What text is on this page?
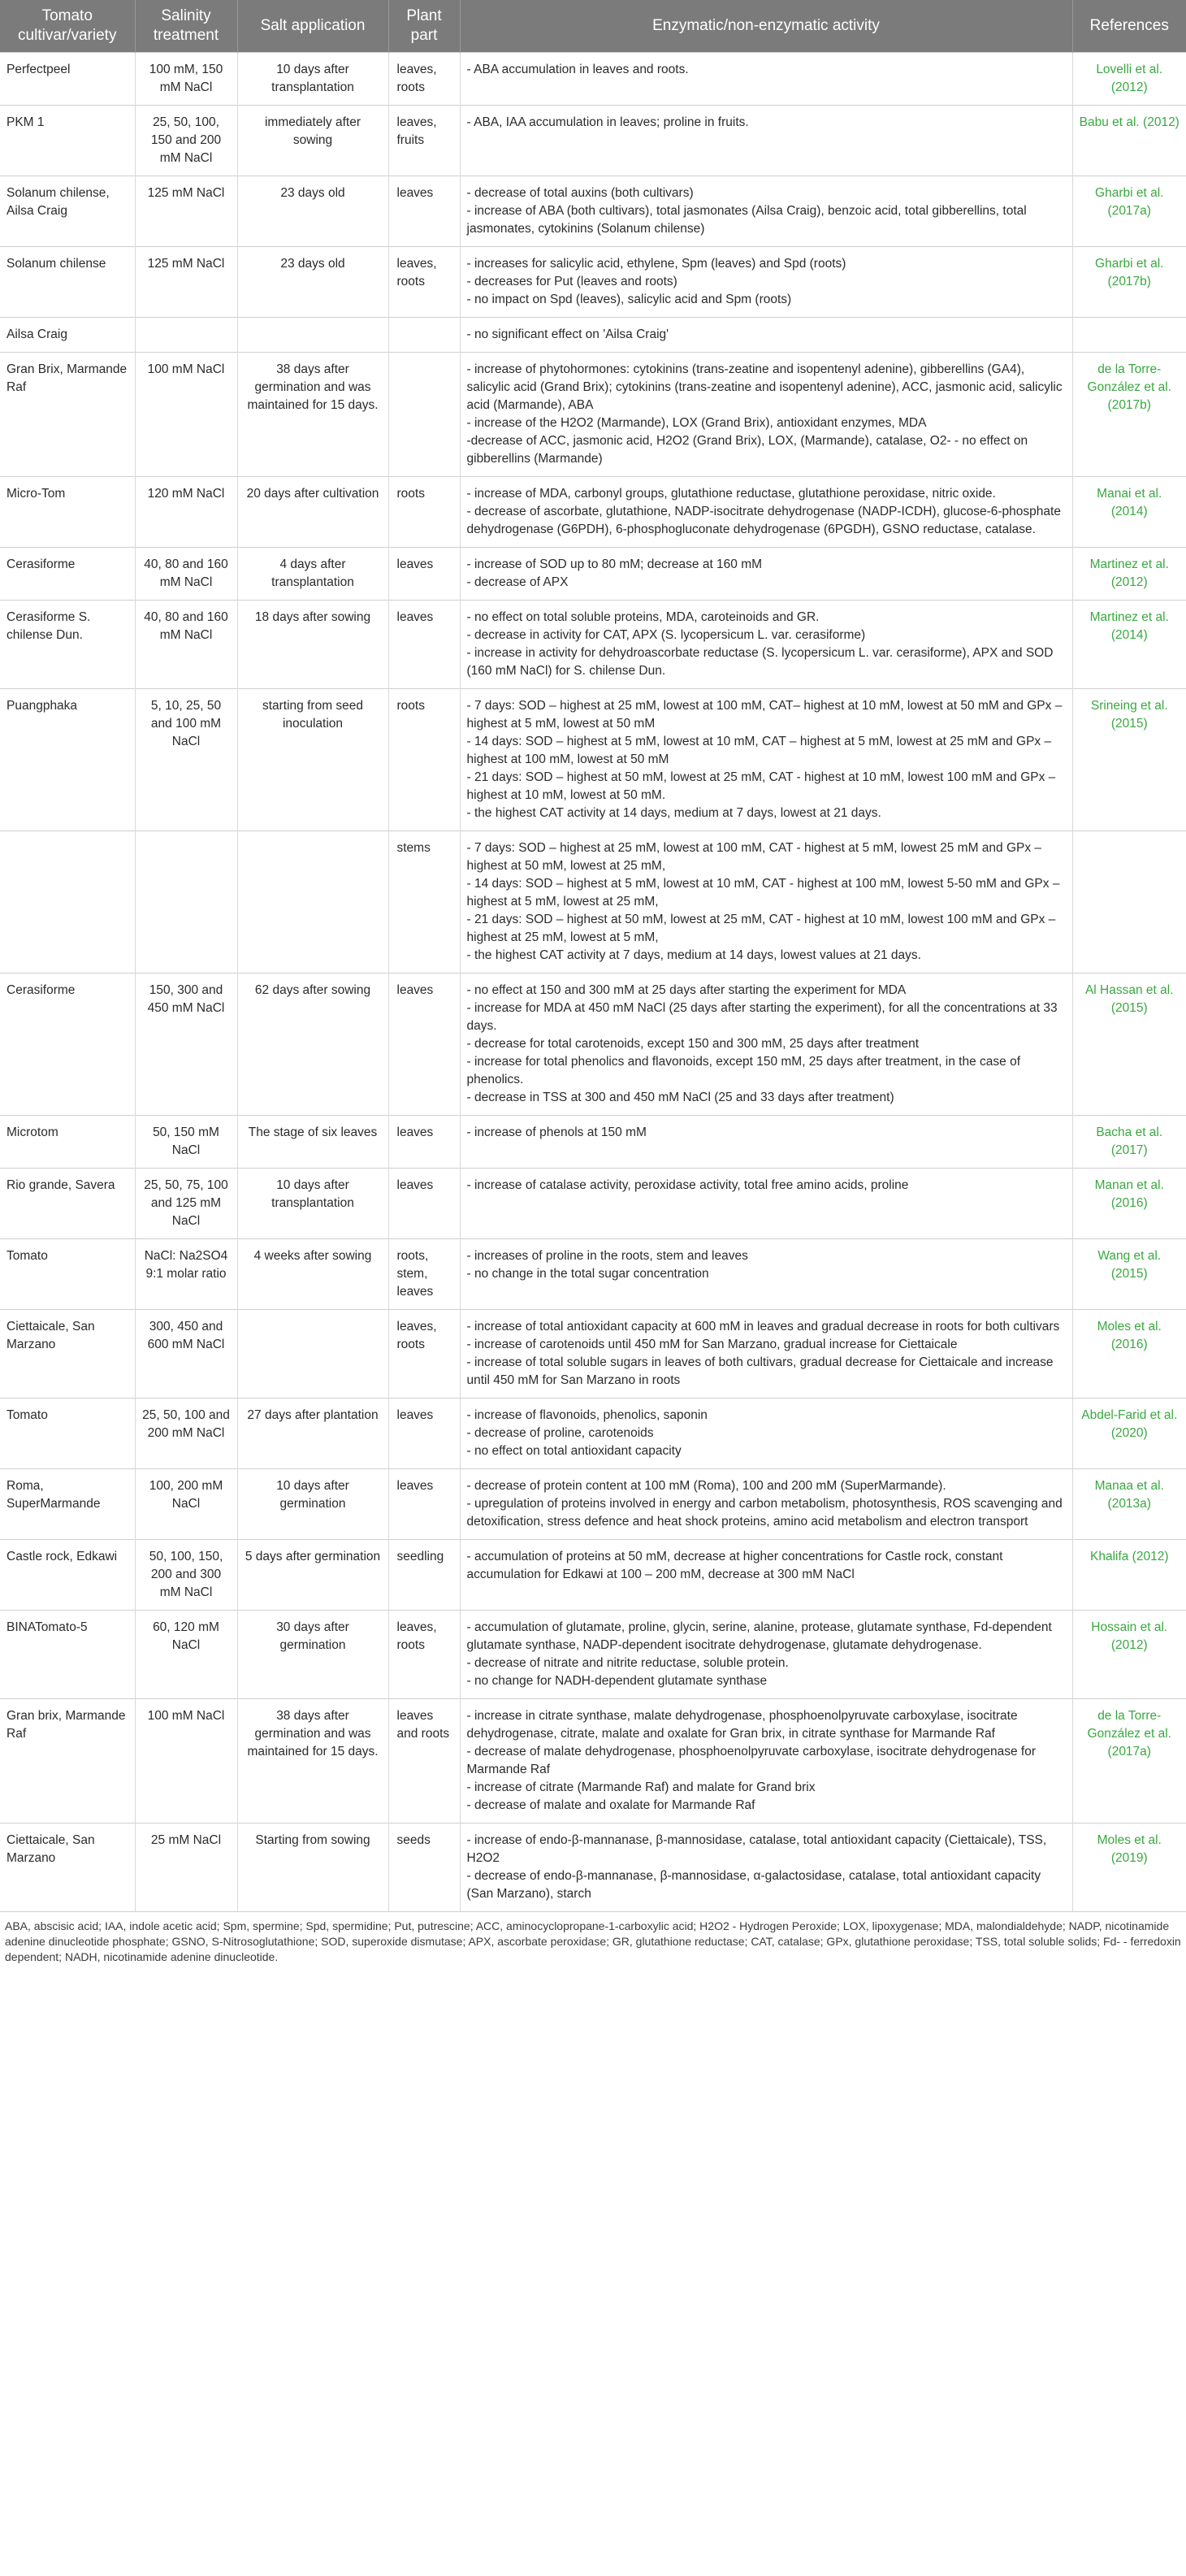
Tomato cultivar/variety	Salinity treatment	Salt application	Plant part	Enzymatic/non-enzymatic activity	References
Perfectpeel	100 mM, 150 mM NaCl	10 days after transplantation	leaves, roots	- ABA accumulation in leaves and roots.	Lovelli et al. (2012)
PKM 1	25, 50, 100, 150 and 200 mM NaCl	immediately after sowing	leaves, fruits	- ABA, IAA accumulation in leaves; proline in fruits.	Babu et al. (2012)
Solanum chilense, Ailsa Craig	125 mM NaCl	23 days old	leaves	- decrease of total auxins (both cultivars)
- increase of ABA (both cultivars), total jasmonates (Ailsa Craig), benzoic acid, total gibberellins, total jasmonates, cytokinins (Solanum chilense)	Gharbi et al. (2017a)
Solanum chilense	125 mM NaCl	23 days old	leaves, roots	- increases for salicylic acid, ethylene, Spm (leaves) and Spd (roots)
- decreases for Put (leaves and roots)
- no impact on Spd (leaves), salicylic acid and Spm (roots)	Gharbi et al. (2017b)
Ailsa Craig				- no significant effect on 'Ailsa Craig'	

Gran Brix, Marmande Raf	100 mM NaCl	38 days after germination and was maintained for 15 days.		- increase of phytohormones: cytokinins (trans-zeatine and isopentenyl adenine), gibberellins (GA4), salicylic acid (Grand Brix); cytokinins (trans-zeatine and isopentenyl adenine), ACC, jasmonic acid, salicylic acid (Marmande), ABA
- increase of the H2O2 (Marmande), LOX (Grand Brix), antioxidant enzymes, MDA
-decrease of ACC, jasmonic acid, H2O2 (Grand Brix), LOX, (Marmande), catalase, O2- - no effect on gibberellins (Marmande)	de la Torre-González et al. (2017b)
Micro-Tom	120 mM NaCl	20 days after cultivation	roots	- increase of MDA, carbonyl groups, glutathione reductase, glutathione peroxidase, nitric oxide.
- decrease of ascorbate, glutathione, NADP-isocitrate dehydrogenase (NADP-ICDH), glucose-6-phosphate dehydrogenase (G6PDH), 6-phosphogluconate dehydrogenase (6PGDH), GSNO reductase, catalase.	Manai et al. (2014)
Cerasiforme	40, 80 and 160 mM NaCl	4 days after transplantation	leaves	- increase of SOD up to 80 mM; decrease at 160 mM
- decrease of APX	Martinez et al. (2012)
Cerasiforme S. chilense Dun.	40, 80 and 160 mM NaCl	18 days after sowing	leaves	- no effect on total soluble proteins, MDA, caroteinoids and GR.
- decrease in activity for CAT, APX (S. lycopersicum L. var. cerasiforme)
- increase in activity for dehydroascorbate reductase (S. lycopersicum L. var. cerasiforme), APX and SOD (160 mM NaCl) for S. chilense Dun.	Martinez et al. (2014)
Puangphaka	5, 10, 25, 50 and 100 mM NaCl	starting from seed inoculation	roots	- 7 days: SOD – highest at 25 mM, lowest at 100 mM, CAT– highest at 10 mM, lowest at 50 mM and GPx – highest at 5 mM, lowest at 50 mM
- 14 days: SOD – highest at 5 mM, lowest at 10 mM, CAT – highest at 5 mM, lowest at 25 mM and GPx – highest at 100 mM, lowest at 50 mM
- 21 days: SOD – highest at 50 mM, lowest at 25 mM, CAT - highest at 10 mM, lowest 100 mM and GPx – highest at 10 mM, lowest at 50 mM.
- the highest CAT activity at 14 days, medium at 7 days, lowest at 21 days.	Srineing et al. (2015)
			stems	- 7 days: SOD – highest at 25 mM, lowest at 100 mM, CAT - highest at 5 mM, lowest 25 mM and GPx – highest at 50 mM, lowest at 25 mM,
- 14 days: SOD – highest at 5 mM, lowest at 10 mM, CAT - highest at 100 mM, lowest 5-50 mM and GPx – highest at 5 mM, lowest at 25 mM,
- 21 days: SOD – highest at 50 mM, lowest at 25 mM, CAT - highest at 10 mM, lowest 100 mM and GPx – highest at 25 mM, lowest at 5 mM,
- the highest CAT activity at 7 days, medium at 14 days, lowest values at 21 days.	

Cerasiforme	150, 300 and 450 mM NaCl	62 days after sowing	leaves	- no effect at 150 and 300 mM at 25 days after starting the experiment for MDA
- increase for MDA at 450 mM NaCl (25 days after starting the experiment), for all the concentrations at 33 days.
- decrease for total carotenoids, except 150 and 300 mM, 25 days after treatment
- increase for total phenolics and flavonoids, except 150 mM, 25 days after treatment, in the case of phenolics.
- decrease in TSS at 300 and 450 mM NaCl (25 and 33 days after treatment)	Al Hassan et al. (2015)
Microtom	50, 150 mM NaCl	The stage of six leaves	leaves	- increase of phenols at 150 mM	Bacha et al. (2017)
Rio grande, Savera	25, 50, 75, 100 and 125 mM NaCl	10 days after transplantation	leaves	- increase of catalase activity, peroxidase activity, total free amino acids, proline	Manan et al. (2016)
Tomato	NaCl: Na2SO4 9:1 molar ratio	4 weeks after sowing	roots, stem, leaves	- increases of proline in the roots, stem and leaves
- no change in the total sugar concentration	Wang et al. (2015)
Ciettaicale, San Marzano	300, 450 and 600 mM NaCl		leaves, roots	- increase of total antioxidant capacity at 600 mM in leaves and gradual decrease in roots for both cultivars
- increase of carotenoids until 450 mM for San Marzano, gradual increase for Ciettaicale
- increase of total soluble sugars in leaves of both cultivars, gradual decrease for Ciettaicale and increase until 450 mM for San Marzano in roots	Moles et al. (2016)
Tomato	25, 50, 100 and 200 mM NaCl	27 days after plantation	leaves	- increase of flavonoids, phenolics, saponin
- decrease of proline, carotenoids
- no effect on total antioxidant capacity	Abdel-Farid et al. (2020)
Roma, SuperMarmande	100, 200 mM NaCl	10 days after germination	leaves	- decrease of protein content at 100 mM (Roma), 100 and 200 mM (SuperMarmande).
- upregulation of proteins involved in energy and carbon metabolism, photosynthesis, ROS scavenging and detoxification, stress defence and heat shock proteins, amino acid metabolism and electron transport	Manaa et al. (2013a)
Castle rock, Edkawi	50, 100, 150, 200 and 300 mM NaCl	5 days after germination	seedling	- accumulation of proteins at 50 mM, decrease at higher concentrations for Castle rock, constant accumulation for Edkawi at 100 – 200 mM, decrease at 300 mM NaCl	Khalifa (2012)
BINATomato-5	60, 120 mM NaCl	30 days after germination	leaves, roots	- accumulation of glutamate, proline, glycin, serine, alanine, protease, glutamate synthase, Fd-dependent glutamate synthase, NADP-dependent isocitrate dehydrogenase, glutamate dehydrogenase.
- decrease of nitrate and nitrite reductase, soluble protein.
- no change for NADH-dependent glutamate synthase	Hossain et al. (2012)
Gran brix, Marmande Raf	100 mM NaCl	38 days after germination and was maintained for 15 days.	leaves and roots	- increase in citrate synthase, malate dehydrogenase, phosphoenolpyruvate carboxylase, isocitrate dehydrogenase, citrate, malate and oxalate for Gran brix, in citrate synthase for Marmande Raf
- decrease of malate dehydrogenase, phosphoenolpyruvate carboxylase, isocitrate dehydrogenase for Marmande Raf
- increase of citrate (Marmande Raf) and malate for Grand brix
- decrease of malate and oxalate for Marmande Raf	de la Torre-González et al. (2017a)
Ciettaicale, San Marzano	25 mM NaCl	Starting from sowing	seeds	- increase of endo-β-mannanase, β-mannosidase, catalase, total antioxidant capacity (Ciettaicale), TSS, H2O2
- decrease of endo-β-mannanase, β-mannosidase, α-galactosidase, catalase, total antioxidant capacity (San Marzano), starch	Moles et al. (2019)
ABA, abscisic acid; IAA, indole acetic acid; Spm, spermine; Spd, spermidine; Put, putrescine; ACC, aminocyclopropane-1-carboxylic acid; H2O2 - Hydrogen Peroxide; LOX, lipoxygenase; MDA, malondialdehyde; NADP, nicotinamide adenine dinucleotide phosphate; GSNO, S-Nitrosoglutathione; SOD, superoxide dismutase; APX, ascorbate peroxidase; GR, glutathione reductase; CAT, catalase; GPx, glutathione peroxidase; TSS, total soluble solids; Fd- - ferredoxin dependent; NADH, nicotinamide adenine dinucleotide.
